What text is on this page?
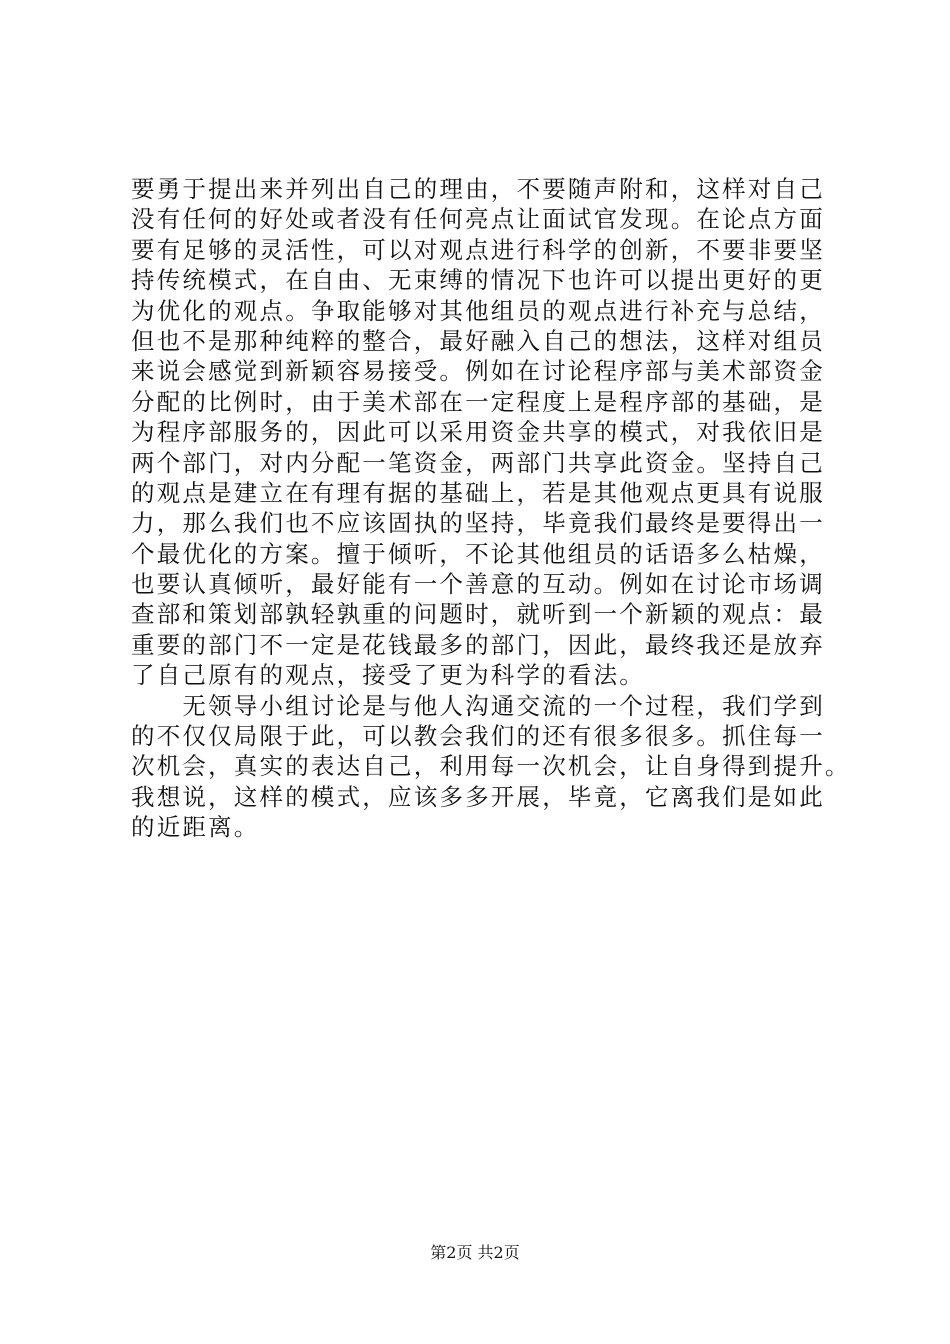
要勇于提出来并列出自己的理由，不要随声附和，这样对自己
没有任何的好处或者没有任何亮点让面试官发现。在论点方面
要有足够的灵活性，可以对观点进行科学的创新，不要非要坚
持传统模式，在自由、无束缚的情况下也许可以提出更好的更
为优化的观点。争取能够对其他组员的观点进行补充与总结，
但也不是那种纯粹的整合，最好融入自己的想法，这样对组员
来说会感觉到新颖容易接受。例如在讨论程序部与美术部资金
分配的比例时，由于美术部在一定程度上是程序部的基础，是
为程序部服务的，因此可以采用资金共享的模式，对我依旧是
两个部门，对内分配一笔资金，两部门共享此资金。坚持自己
的观点是建立在有理有据的基础上，若是其他观点更具有说服
力，那么我们也不应该固执的坚持，毕竟我们最终是要得出一
个最优化的方案。擅于倾听，不论其他组员的话语多么枯燥，
也要认真倾听，最好能有一个善意的互动。例如在讨论市场调
查部和策划部孰轻孰重的问题时，就听到一个新颖的观点：最
重要的部门不一定是花钱最多的部门，因此，最终我还是放弃
了自己原有的观点，接受了更为科学的看法。
　　无领导小组讨论是与他人沟通交流的一个过程，我们学到
的不仅仅局限于此，可以教会我们的还有很多很多。抓住每一
次机会，真实的表达自己，利用每一次机会，让自身得到提升。
我想说，这样的模式，应该多多开展，毕竟，它离我们是如此
的近距离。
第2页 共2页
